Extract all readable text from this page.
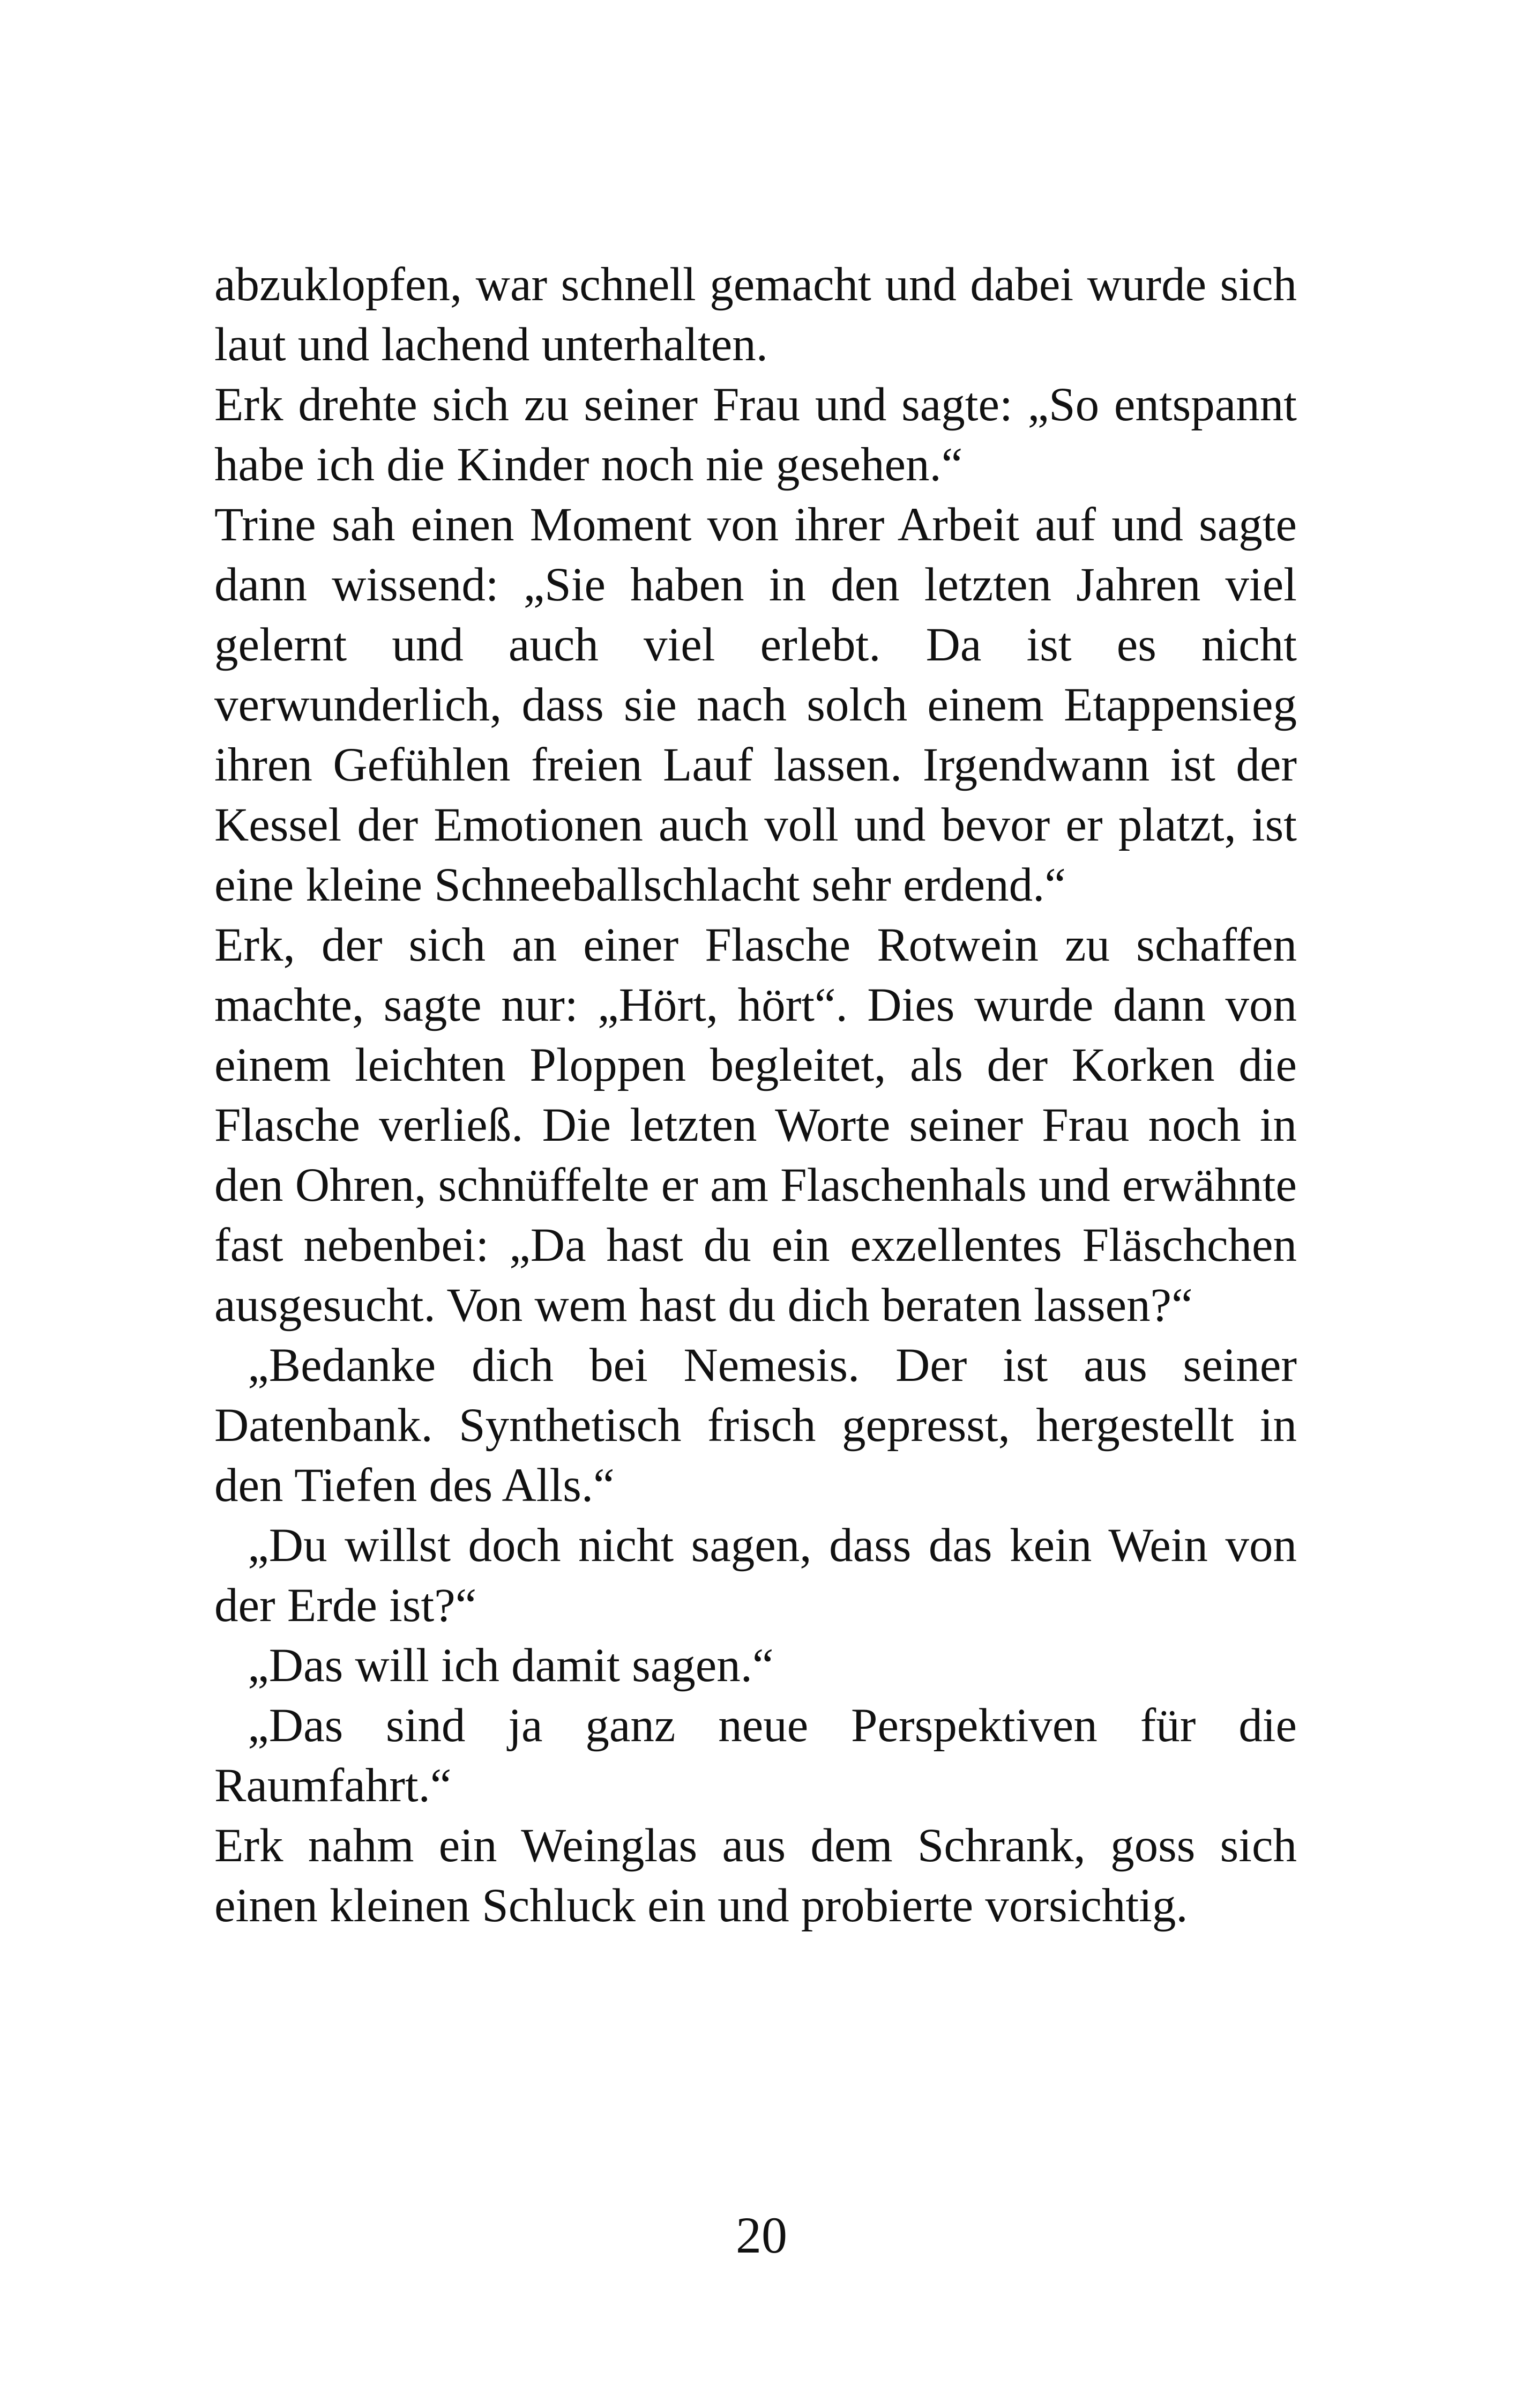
abzuklopfen, war schnell gemacht und dabei wurde sich laut und lachend unterhalten.

Erk drehte sich zu seiner Frau und sagte: „So entspannt habe ich die Kinder noch nie gesehen.“

Trine sah einen Moment von ihrer Arbeit auf und sagte dann wissend: „Sie haben in den letzten Jahren viel gelernt und auch viel erlebt. Da ist es nicht verwunderlich, dass sie nach solch einem Etappensieg ihren Gefühlen freien Lauf lassen. Irgendwann ist der Kessel der Emotionen auch voll und bevor er platzt, ist eine kleine Schneeballschlacht sehr erdend.“

Erk, der sich an einer Flasche Rotwein zu schaffen machte, sagte nur: „Hört, hört“. Dies wurde dann von einem leichten Ploppen begleitet, als der Korken die Flasche verließ. Die letzten Worte seiner Frau noch in den Ohren, schnüffelte er am Flaschenhals und erwähnte fast nebenbei: „Da hast du ein exzellentes Fläschchen ausgesucht. Von wem hast du dich beraten lassen?“

„Bedanke dich bei Nemesis. Der ist aus seiner Datenbank. Synthetisch frisch gepresst, hergestellt in den Tiefen des Alls.“

„Du willst doch nicht sagen, dass das kein Wein von der Erde ist?“

„Das will ich damit sagen.“

„Das sind ja ganz neue Perspektiven für die Raumfahrt.“

Erk nahm ein Weinglas aus dem Schrank, goss sich einen kleinen Schluck ein und probierte vorsichtig.

20
